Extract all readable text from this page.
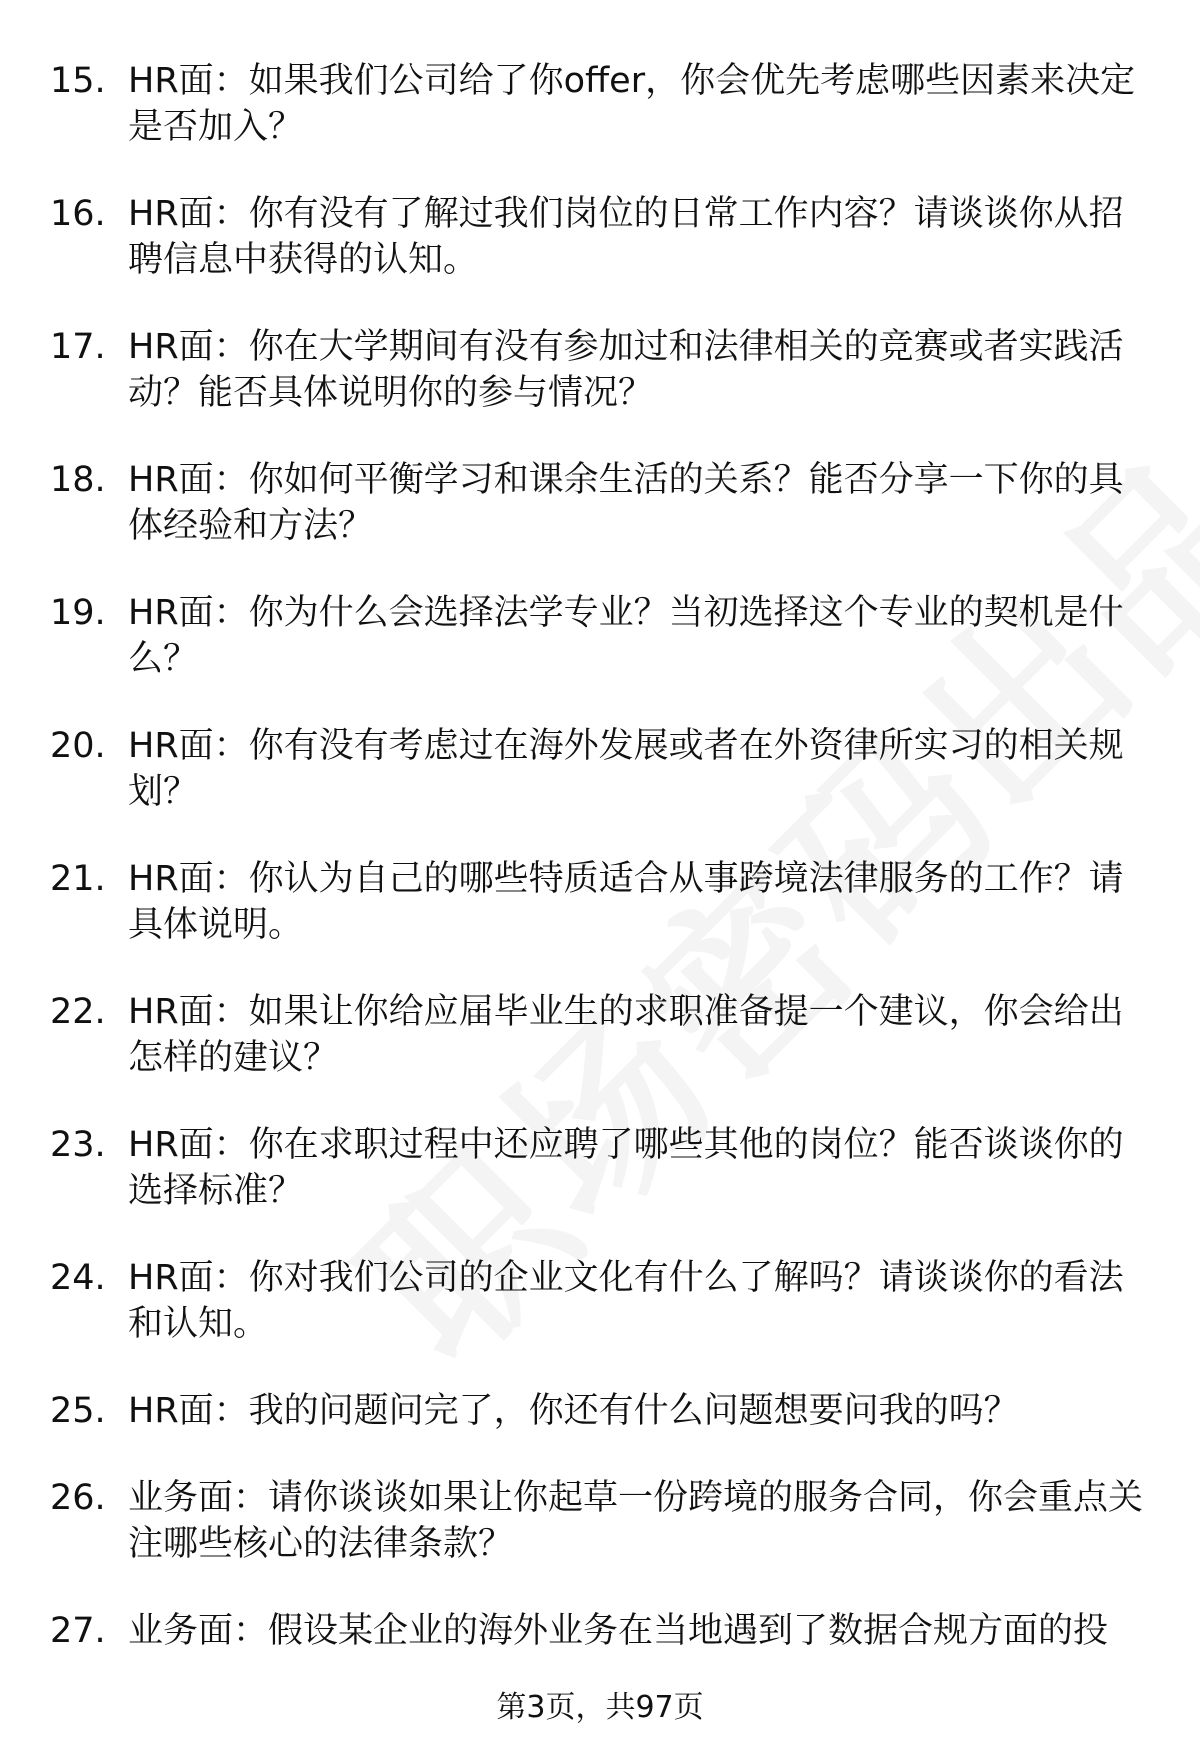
15. HR面：如果我们公司给了你offer，你会优先考虑哪些因素来决定是否加入？
16. HR面：你有没有了解过我们岗位的日常工作内容？请谈谈你从招聘信息中获得的认知。
17. HR面：你在大学期间有没有参加过和法律相关的竞赛或者实践活动？能否具体说明你的参与情况？
18. HR面：你如何平衡学习和课余生活的关系？能否分享一下你的具体经验和方法？
19. HR面：你为什么会选择法学专业？当初选择这个专业的契机是什么？
20. HR面：你有没有考虑过在海外发展或者在外资律所实习的相关规划？
21. HR面：你认为自己的哪些特质适合从事跨境法律服务的工作？请具体说明。
22. HR面：如果让你给应届毕业生的求职准备提一个建议，你会给出怎样的建议？
23. HR面：你在求职过程中还应聘了哪些其他的岗位？能否谈谈你的选择标准？
24. HR面：你对我们公司的企业文化有什么了解吗？请谈谈你的看法和认知。
25. HR面：我的问题问完了，你还有什么问题想要问我的吗？
26. 业务面：请你谈谈如果让你起草一份跨境的服务合同，你会重点关注哪些核心的法律条款？
27. 业务面：假设某企业的海外业务在当地遇到了数据合规方面的投
第3页，共97页
